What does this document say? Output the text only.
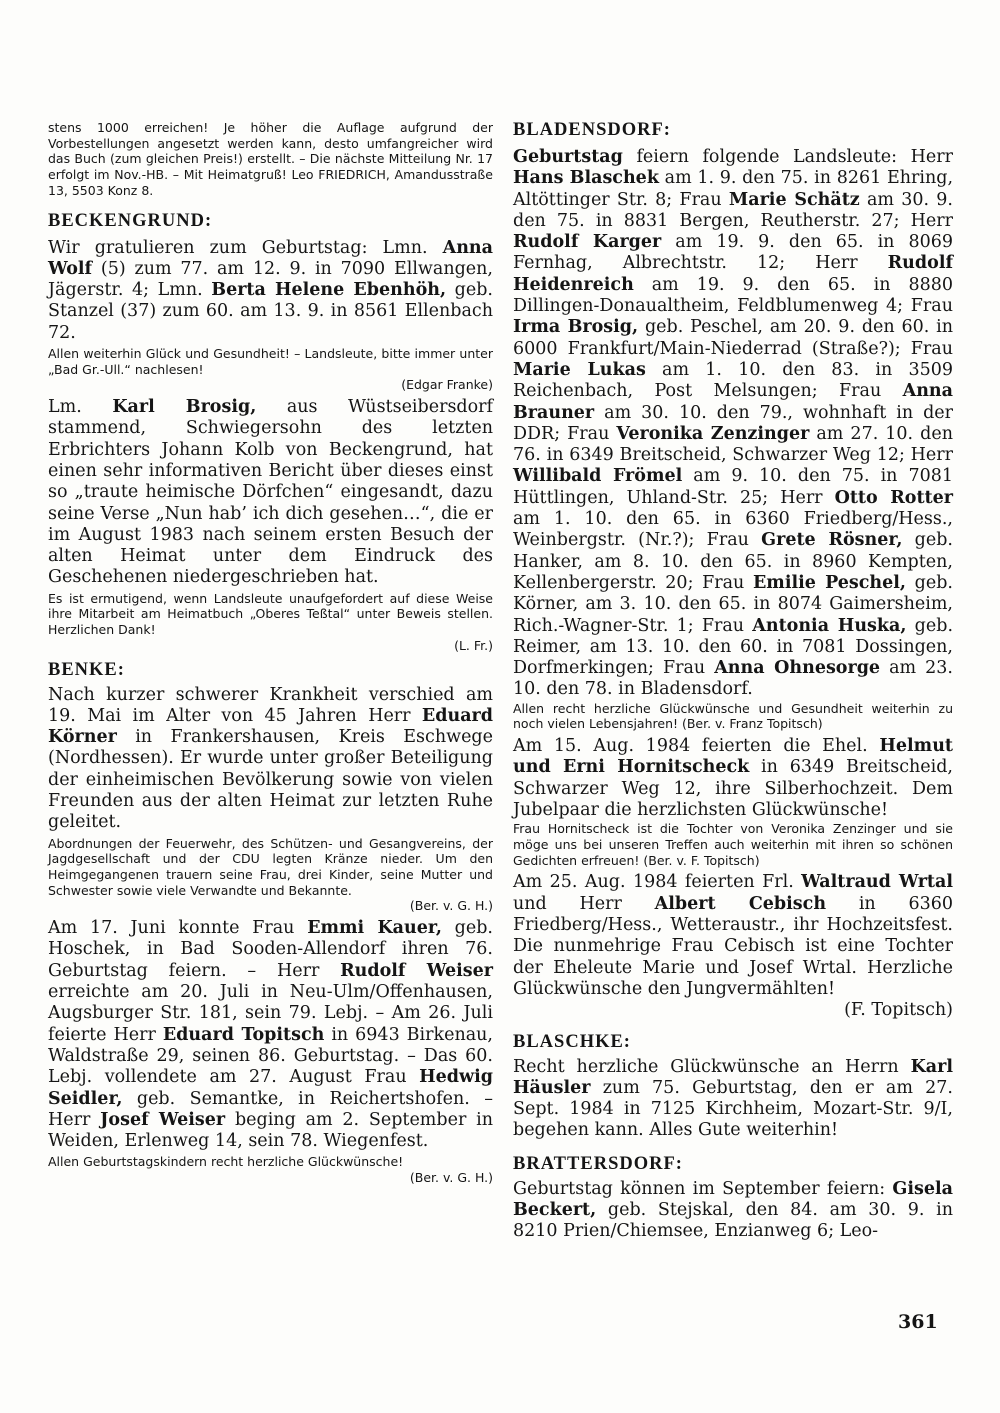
stens 1000 erreichen! Je höher die Auflage aufgrund der Vorbestellungen angesetzt werden kann, desto umfangreicher wird das Buch (zum gleichen Preis!) erstellt. – Die nächste Mitteilung Nr. 17 erfolgt im Nov.-HB. – Mit Heimatgruß! Leo FRIEDRICH, Amandusstraße 13, 5503 Konz 8.

BECKENGRUND:

Wir gratulieren zum Geburtstag: Lmn. Anna Wolf (5) zum 77. am 12. 9. in 7090 Ellwangen, Jägerstr. 4; Lmn. Berta Helene Ebenhöh, geb. Stanzel (37) zum 60. am 13. 9. in 8561 Ellenbach 72.

Allen weiterhin Glück und Gesundheit! – Landsleute, bitte immer unter „Bad Gr.-Ull.“ nachlesen!
(Edgar Franke)

Lm. Karl Brosig, aus Wüstseibersdorf stammend, Schwiegersohn des letzten Erbrichters Johann Kolb von Beckengrund, hat einen sehr informativen Bericht über dieses einst so „traute heimische Dörfchen“ eingesandt, dazu seine Verse „Nun hab’ ich dich gesehen…“, die er im August 1983 nach seinem ersten Besuch der alten Heimat unter dem Eindruck des Geschehenen niedergeschrieben hat.

Es ist ermutigend, wenn Landsleute unaufgefordert auf diese Weise ihre Mitarbeit am Heimatbuch „Oberes Teßtal“ unter Beweis stellen. Herzlichen Dank!
(L. Fr.)

BENKE:

Nach kurzer schwerer Krankheit verschied am 19. Mai im Alter von 45 Jahren Herr Eduard Körner in Frankershausen, Kreis Eschwege (Nordhessen). Er wurde unter großer Beteiligung der einheimischen Bevölkerung sowie von vielen Freunden aus der alten Heimat zur letzten Ruhe geleitet.

Abordnungen der Feuerwehr, des Schützen- und Gesangvereins, der Jagdgesellschaft und der CDU legten Kränze nieder. Um den Heimgegangenen trauern seine Frau, drei Kinder, seine Mutter und Schwester sowie viele Verwandte und Bekannte.
(Ber. v. G. H.)

Am 17. Juni konnte Frau Emmi Kauer, geb. Hoschek, in Bad Sooden-Allendorf ihren 76. Geburtstag feiern. – Herr Rudolf Weiser erreichte am 20. Juli in Neu-Ulm/Offenhausen, Augsburger Str. 181, sein 79. Lebj. – Am 26. Juli feierte Herr Eduard Topitsch in 6943 Birkenau, Waldstraße 29, seinen 86. Geburtstag. – Das 60. Lebj. vollendete am 27. August Frau Hedwig Seidler, geb. Semantke, in Reichertshofen. – Herr Josef Weiser beging am 2. September in Weiden, Erlenweg 14, sein 78. Wiegenfest.

Allen Geburtstagskindern recht herzliche Glückwünsche!
(Ber. v. G. H.)

BLADENSDORF:

Geburtstag feiern folgende Landsleute: Herr Hans Blaschek am 1. 9. den 75. in 8261 Ehring, Altöttinger Str. 8; Frau Marie Schätz am 30. 9. den 75. in 8831 Bergen, Reutherstr. 27; Herr Rudolf Karger am 19. 9. den 65. in 8069 Fernhag, Albrechtstr. 12; Herr Rudolf Heidenreich am 19. 9. den 65. in 8880 Dillingen-Donaualtheim, Feldblumenweg 4; Frau Irma Brosig, geb. Peschel, am 20. 9. den 60. in 6000 Frankfurt/Main-Niederrad (Straße?); Frau Marie Lukas am 1. 10. den 83. in 3509 Reichenbach, Post Melsungen; Frau Anna Brauner am 30. 10. den 79., wohnhaft in der DDR; Frau Veronika Zenzinger am 27. 10. den 76. in 6349 Breitscheid, Schwarzer Weg 12; Herr Willibald Frömel am 9. 10. den 75. in 7081 Hüttlingen, Uhland-Str. 25; Herr Otto Rotter am 1. 10. den 65. in 6360 Friedberg/Hess., Weinbergstr. (Nr.?); Frau Grete Rösner, geb. Hanker, am 8. 10. den 65. in 8960 Kempten, Kellenbergerstr. 20; Frau Emilie Peschel, geb. Körner, am 3. 10. den 65. in 8074 Gaimersheim, Rich.-Wagner-Str. 1; Frau Antonia Huska, geb. Reimer, am 13. 10. den 60. in 7081 Dossingen, Dorfmerkingen; Frau Anna Ohnesorge am 23. 10. den 78. in Bladensdorf.

Allen recht herzliche Glückwünsche und Gesundheit weiterhin zu noch vielen Lebensjahren! (Ber. v. Franz Topitsch)

Am 15. Aug. 1984 feierten die Ehel. Helmut und Erni Hornitscheck in 6349 Breitscheid, Schwarzer Weg 12, ihre Silberhochzeit. Dem Jubelpaar die herzlichsten Glückwünsche!

Frau Hornitscheck ist die Tochter von Veronika Zenzinger und sie möge uns bei unseren Treffen auch weiterhin mit ihren so schönen Gedichten erfreuen! (Ber. v. F. Topitsch)

Am 25. Aug. 1984 feierten Frl. Waltraud Wrtal und Herr Albert Cebisch in 6360 Friedberg/Hess., Wetteraustr., ihr Hochzeitsfest. Die nunmehrige Frau Cebisch ist eine Tochter der Eheleute Marie und Josef Wrtal. Herzliche Glückwünsche den Jungvermählten!
(F. Topitsch)

BLASCHKE:

Recht herzliche Glückwünsche an Herrn Karl Häusler zum 75. Geburtstag, den er am 27. Sept. 1984 in 7125 Kirchheim, Mozart-Str. 9/I, begehen kann. Alles Gute weiterhin!

BRATTERSDORF:

Geburtstag können im September feiern: Gisela Beckert, geb. Stejskal, den 84. am 30. 9. in 8210 Prien/Chiemsee, Enzianweg 6; Leo-

361
